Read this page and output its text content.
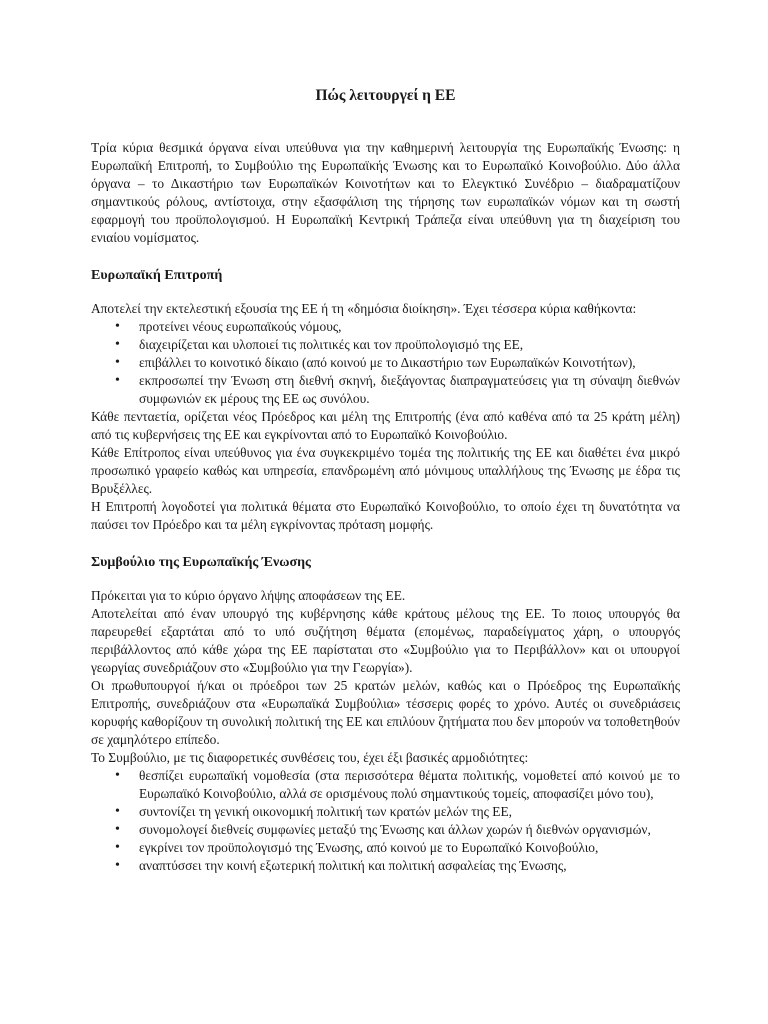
Πώς λειτουργεί η ΕΕ

Τρία κύρια θεσμικά όργανα είναι υπεύθυνα για την καθημερινή λειτουργία της Ευρωπαϊκής Ένωσης: η Ευρωπαϊκή Επιτροπή, το Συμβούλιο της Ευρωπαϊκής Ένωσης και το Ευρωπαϊκό Κοινοβούλιο. Δύο άλλα όργανα – το Δικαστήριο των Ευρωπαϊκών Κοινοτήτων και το Ελεγκτικό Συνέδριο – διαδραματίζουν σημαντικούς ρόλους, αντίστοιχα, στην εξασφάλιση της τήρησης των ευρωπαϊκών νόμων και τη σωστή εφαρμογή του προϋπολογισμού. Η Ευρωπαϊκή Κεντρική Τράπεζα είναι υπεύθυνη για τη διαχείριση του ενιαίου νομίσματος.

Ευρωπαϊκή Επιτροπή

Αποτελεί την εκτελεστική εξουσία της ΕΕ ή τη «δημόσια διοίκηση». Έχει τέσσερα κύρια καθήκοντα:

• προτείνει νέους ευρωπαϊκούς νόμους,
• διαχειρίζεται και υλοποιεί τις πολιτικές και τον προϋπολογισμό της ΕΕ,
• επιβάλλει το κοινοτικό δίκαιο (από κοινού με το Δικαστήριο των Ευρωπαϊκών Κοινοτήτων),
• εκπροσωπεί την Ένωση στη διεθνή σκηνή, διεξάγοντας διαπραγματεύσεις για τη σύναψη διεθνών συμφωνιών εκ μέρους της ΕΕ ως συνόλου.

Κάθε πενταετία, ορίζεται νέος Πρόεδρος και μέλη της Επιτροπής (ένα από καθένα από τα 25 κράτη μέλη) από τις κυβερνήσεις της ΕΕ και εγκρίνονται από το Ευρωπαϊκό Κοινοβούλιο.

Κάθε Επίτροπος είναι υπεύθυνος για ένα συγκεκριμένο τομέα της πολιτικής της ΕΕ και διαθέτει ένα μικρό προσωπικό γραφείο καθώς και υπηρεσία, επανδρωμένη από μόνιμους υπαλλήλους της Ένωσης με έδρα τις Βρυξέλλες.

Η Επιτροπή λογοδοτεί για πολιτικά θέματα στο Ευρωπαϊκό Κοινοβούλιο, το οποίο έχει τη δυνατότητα να παύσει τον Πρόεδρο και τα μέλη εγκρίνοντας πρόταση μομφής.

Συμβούλιο της Ευρωπαϊκής Ένωσης

Πρόκειται για το κύριο όργανο λήψης αποφάσεων της ΕΕ.

Αποτελείται από έναν υπουργό της κυβέρνησης κάθε κράτους μέλους της ΕΕ. Το ποιος υπουργός θα παρευρεθεί εξαρτάται από το υπό συζήτηση θέματα (επομένως, παραδείγματος χάρη, ο υπουργός περιβάλλοντος από κάθε χώρα της ΕΕ παρίσταται στο «Συμβούλιο για το Περιβάλλον» και οι υπουργοί γεωργίας συνεδριάζουν στο «Συμβούλιο για την Γεωργία»).

Οι πρωθυπουργοί ή/και οι πρόεδροι των 25 κρατών μελών, καθώς και ο Πρόεδρος της Ευρωπαϊκής Επιτροπής, συνεδριάζουν στα «Ευρωπαϊκά Συμβούλια» τέσσερις φορές το χρόνο. Αυτές οι συνεδριάσεις κορυφής καθορίζουν τη συνολική πολιτική της ΕΕ και επιλύουν ζητήματα που δεν μπορούν να τοποθετηθούν σε χαμηλότερο επίπεδο.

Το Συμβούλιο, με τις διαφορετικές συνθέσεις του, έχει έξι βασικές αρμοδιότητες:

• θεσπίζει ευρωπαϊκή νομοθεσία (στα περισσότερα θέματα πολιτικής, νομοθετεί από κοινού με το Ευρωπαϊκό Κοινοβούλιο, αλλά σε ορισμένους πολύ σημαντικούς τομείς, αποφασίζει μόνο του),
• συντονίζει τη γενική οικονομική πολιτική των κρατών μελών της ΕΕ,
• συνομολογεί διεθνείς συμφωνίες μεταξύ της Ένωσης και άλλων χωρών ή διεθνών οργανισμών,
• εγκρίνει τον προϋπολογισμό της Ένωσης, από κοινού με το Ευρωπαϊκό Κοινοβούλιο,
• αναπτύσσει την κοινή εξωτερική πολιτική και πολιτική ασφαλείας της Ένωσης,
